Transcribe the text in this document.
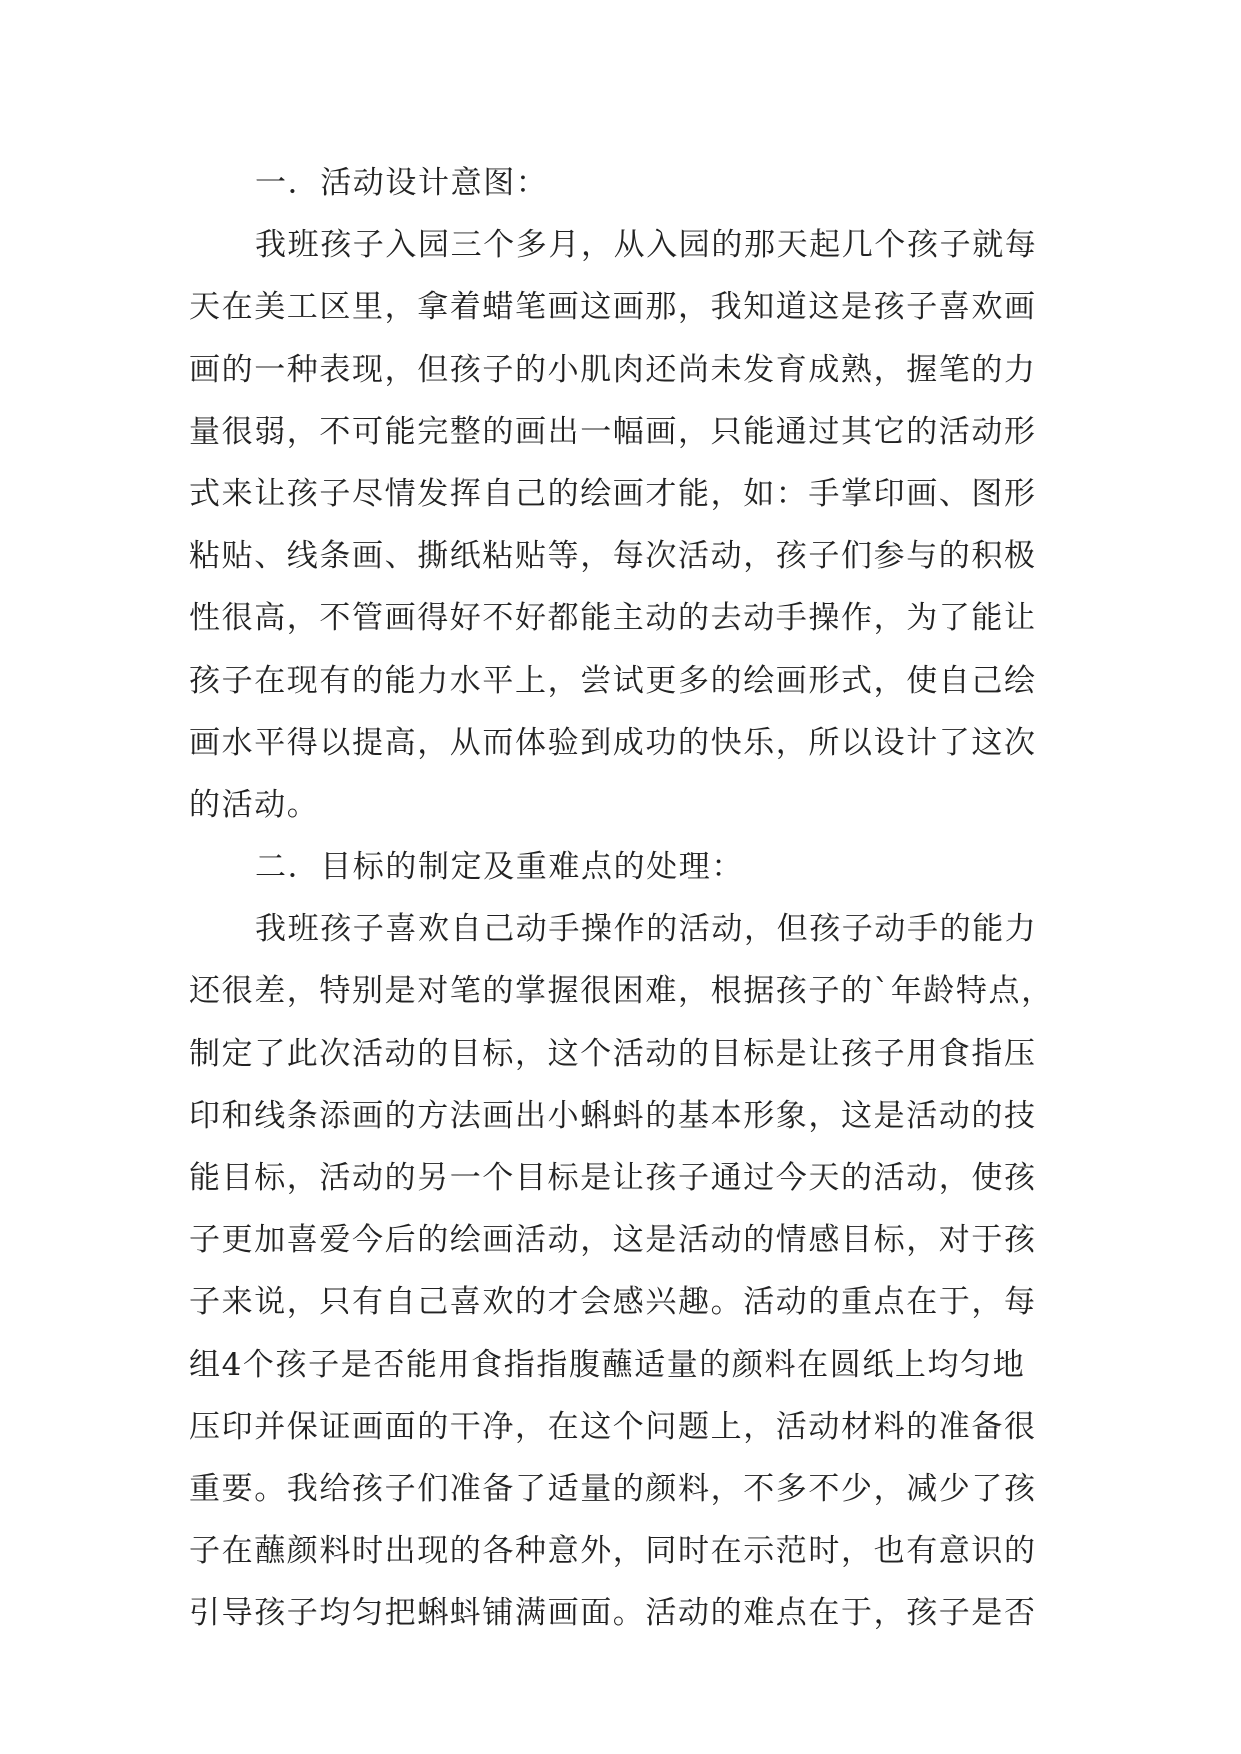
一．活动设计意图：
我班孩子入园三个多月，从入园的那天起几个孩子就每
天在美工区里，拿着蜡笔画这画那，我知道这是孩子喜欢画
画的一种表现，但孩子的小肌肉还尚未发育成熟，握笔的力
量很弱，不可能完整的画出一幅画，只能通过其它的活动形
式来让孩子尽情发挥自己的绘画才能，如：手掌印画、图形
粘贴、线条画、撕纸粘贴等，每次活动，孩子们参与的积极
性很高，不管画得好不好都能主动的去动手操作，为了能让
孩子在现有的能力水平上，尝试更多的绘画形式，使自己绘
画水平得以提高，从而体验到成功的快乐，所以设计了这次
的活动。
二．目标的制定及重难点的处理：
我班孩子喜欢自己动手操作的活动，但孩子动手的能力
还很差，特别是对笔的掌握很困难，根据孩子的`年龄特点，
制定了此次活动的目标，这个活动的目标是让孩子用食指压
印和线条添画的方法画出小蝌蚪的基本形象，这是活动的技
能目标，活动的另一个目标是让孩子通过今天的活动，使孩
子更加喜爱今后的绘画活动，这是活动的情感目标，对于孩
子来说，只有自己喜欢的才会感兴趣。活动的重点在于，每
组4个孩子是否能用食指指腹蘸适量的颜料在圆纸上均匀地
压印并保证画面的干净，在这个问题上，活动材料的准备很
重要。我给孩子们准备了适量的颜料，不多不少，减少了孩
子在蘸颜料时出现的各种意外，同时在示范时，也有意识的
引导孩子均匀把蝌蚪铺满画面。活动的难点在于，孩子是否
